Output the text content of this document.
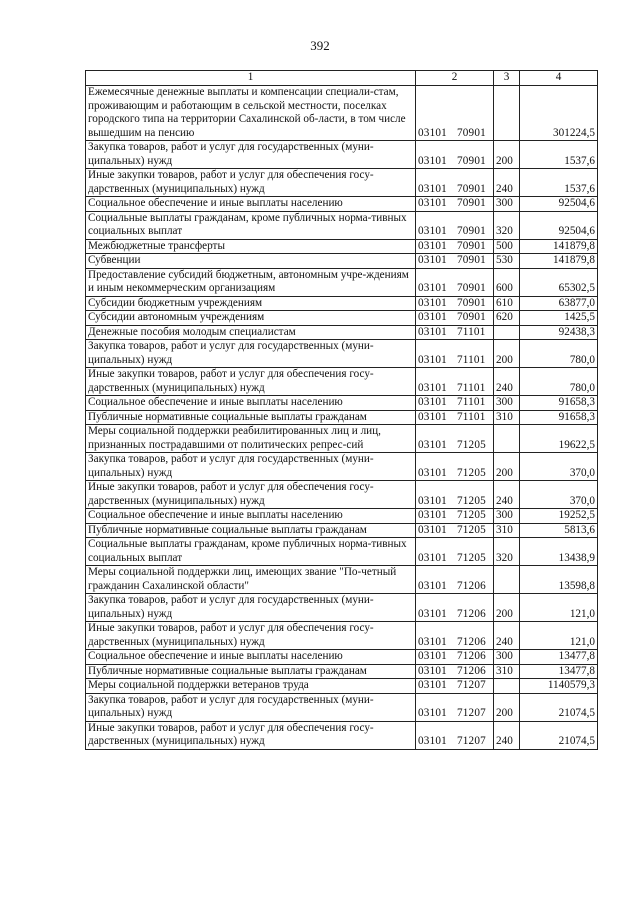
392
1	2	3	4
Ежемесячные денежные выплаты и компенсации специали-стам, проживающим и работающим в сельской местности, поселках городского типа на территории Сахалинской об-ласти, в том числе вышедшим на пенсию	03101 70901		301224,5
Закупка товаров, работ и услуг для государственных (муни-ципальных) нужд	03101 70901	200	1537,6
Иные закупки товаров, работ и услуг для обеспечения госу-дарственных (муниципальных) нужд	03101 70901	240	1537,6
Социальное обеспечение и иные выплаты населению	03101 70901	300	92504,6
Социальные выплаты гражданам, кроме публичных норма-тивных социальных выплат	03101 70901	320	92504,6
Межбюджетные трансферты	03101 70901	500	141879,8
Субвенции	03101 70901	530	141879,8
Предоставление субсидий бюджетным, автономным учре-ждениям и иным некоммерческим организациям	03101 70901	600	65302,5
Субсидии бюджетным учреждениям	03101 70901	610	63877,0
Субсидии автономным учреждениям	03101 70901	620	1425,5
Денежные пособия молодым специалистам	03101 71101		92438,3
Закупка товаров, работ и услуг для государственных (муни-ципальных) нужд	03101 71101	200	780,0
Иные закупки товаров, работ и услуг для обеспечения госу-дарственных (муниципальных) нужд	03101 71101	240	780,0
Социальное обеспечение и иные выплаты населению	03101 71101	300	91658,3
Публичные нормативные социальные выплаты гражданам	03101 71101	310	91658,3
Меры социальной поддержки реабилитированных лиц и лиц, признанных пострадавшими от политических репрес-сий	03101 71205		19622,5
Закупка товаров, работ и услуг для государственных (муни-ципальных) нужд	03101 71205	200	370,0
Иные закупки товаров, работ и услуг для обеспечения госу-дарственных (муниципальных) нужд	03101 71205	240	370,0
Социальное обеспечение и иные выплаты населению	03101 71205	300	19252,5
Публичные нормативные социальные выплаты гражданам	03101 71205	310	5813,6
Социальные выплаты гражданам, кроме публичных норма-тивных социальных выплат	03101 71205	320	13438,9
Меры социальной поддержки лиц, имеющих звание "По-четный гражданин Сахалинской области"	03101 71206		13598,8
Закупка товаров, работ и услуг для государственных (муни-ципальных) нужд	03101 71206	200	121,0
Иные закупки товаров, работ и услуг для обеспечения госу-дарственных (муниципальных) нужд	03101 71206	240	121,0
Социальное обеспечение и иные выплаты населению	03101 71206	300	13477,8
Публичные нормативные социальные выплаты гражданам	03101 71206	310	13477,8
Меры социальной поддержки ветеранов труда	03101 71207		1140579,3
Закупка товаров, работ и услуг для государственных (муни-ципальных) нужд	03101 71207	200	21074,5
Иные закупки товаров, работ и услуг для обеспечения госу-дарственных (муниципальных) нужд	03101 71207	240	21074,5
